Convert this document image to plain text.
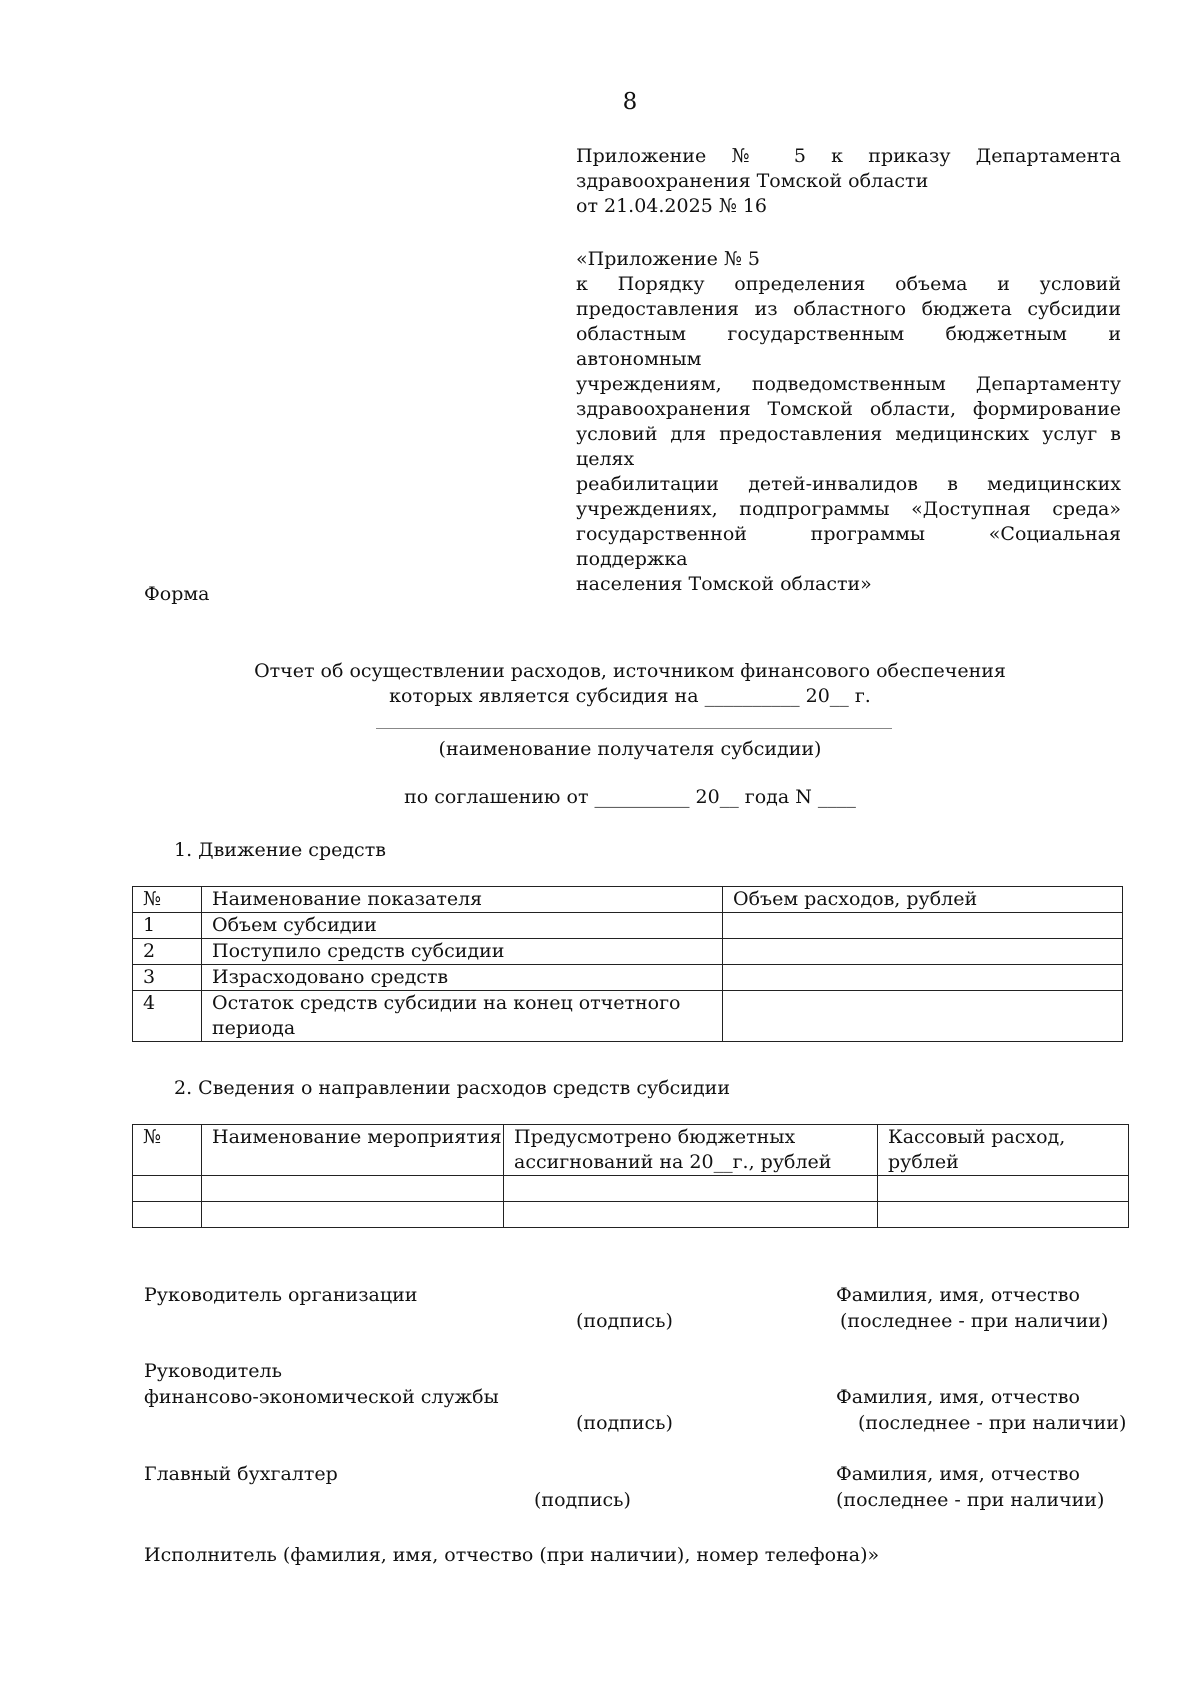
8
Приложение № 5 к приказу Департамента
здравоохранения Томской области
от 21.04.2025 № 16
«Приложение № 5
к Порядку определения объема и условий
предоставления из областного бюджета субсидии
областным государственным бюджетным и автономным
учреждениям, подведомственным Департаменту
здравоохранения Томской области, формирование
условий для предоставления медицинских услуг в целях
реабилитации детей-инвалидов в медицинских
учреждениях, подпрограммы «Доступная среда»
государственной программы «Социальная поддержка
населения Томской области»
Форма
Отчет об осуществлении расходов, источником финансового обеспечения
которых является субсидия на __________ 20__ г.
(наименование получателя субсидии)
по соглашению от __________ 20__ года N ____
1. Движение средств
№	Наименование показателя	Объем расходов, рублей
1	Объем субсидии	
2	Поступило средств субсидии	
3	Израсходовано средств	
4	Остаток средств субсидии на конец отчетного периода	
2. Сведения о направлении расходов средств субсидии
№	Наименование мероприятия	Предусмотрено бюджетных ассигнований на 20__г., рублей	Кассовый расход, рублей

Руководитель организации
(подпись)
Фамилия, имя, отчество
(последнее - при наличии)
Руководитель
финансово-экономической службы
(подпись)
Фамилия, имя, отчество
(последнее - при наличии)
Главный бухгалтер
(подпись)
Фамилия, имя, отчество
(последнее - при наличии)
Исполнитель (фамилия, имя, отчество (при наличии), номер телефона)»
